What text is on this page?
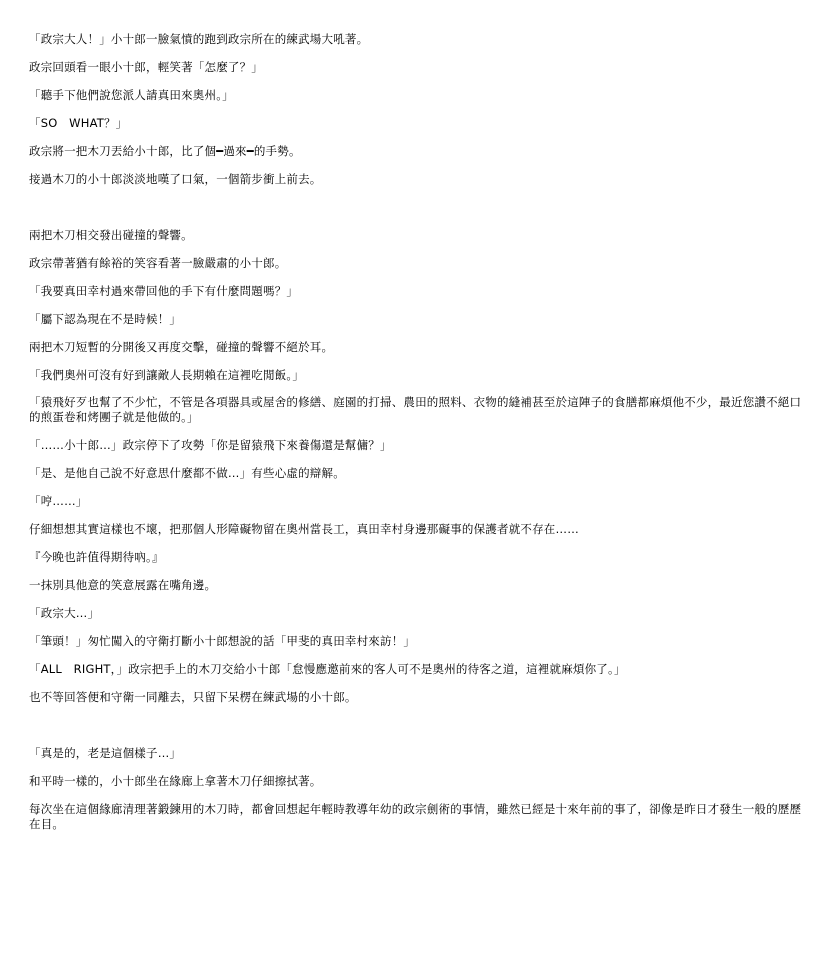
「政宗大人！」小十郎一臉氣憤的跑到政宗所在的練武場大吼著。
政宗回頭看一眼小十郎，輕笑著「怎麼了？」
「聽手下他們說您派人請真田來奧州。」
「SO　WHAT？」
政宗將一把木刀丟給小十郎，比了個━過來━的手勢。
接過木刀的小十郎淡淡地嘆了口氣，一個箭步衝上前去。
兩把木刀相交發出碰撞的聲響。
政宗帶著猶有餘裕的笑容看著一臉嚴肅的小十郎。
「我要真田幸村過來帶回他的手下有什麼問題嗎？」
「屬下認為現在不是時候！」
兩把木刀短暫的分開後又再度交擊，碰撞的聲響不絕於耳。
「我們奧州可沒有好到讓敵人長期賴在這裡吃閒飯。」
「猿飛好歹也幫了不少忙，不管是各項器具或屋舍的修繕、庭園的打掃、農田的照料、衣物的縫補甚至於這陣子的食膳都麻煩他不少，最近您讚不絕口的煎蛋卷和烤團子就是他做的。」
「……小十郎…」政宗停下了攻勢「你是留猿飛下來養傷還是幫傭？」
「是、是他自己說不好意思什麼都不做…」有些心虛的辯解。
「哼……」
仔細想想其實這樣也不壞，把那個人形障礙物留在奧州當長工，真田幸村身邊那礙事的保護者就不存在……
『今晚也許值得期待吶。』
一抹別具他意的笑意展露在嘴角邊。
「政宗大…」
「筆頭！」匆忙闖入的守衛打斷小十郎想說的話「甲斐的真田幸村來訪！」
「ALL　RIGHT，」政宗把手上的木刀交給小十郎「怠慢應邀前來的客人可不是奧州的待客之道，這裡就麻煩你了。」
也不等回答便和守衛一同離去，只留下呆楞在練武場的小十郎。
「真是的，老是這個樣子…」
和平時一樣的，小十郎坐在緣廊上拿著木刀仔細擦拭著。
每次坐在這個緣廊清理著鍛鍊用的木刀時，都會回想起年輕時教導年幼的政宗劍術的事情，雖然已經是十來年前的事了，卻像是昨日才發生一般的歷歷在目。
